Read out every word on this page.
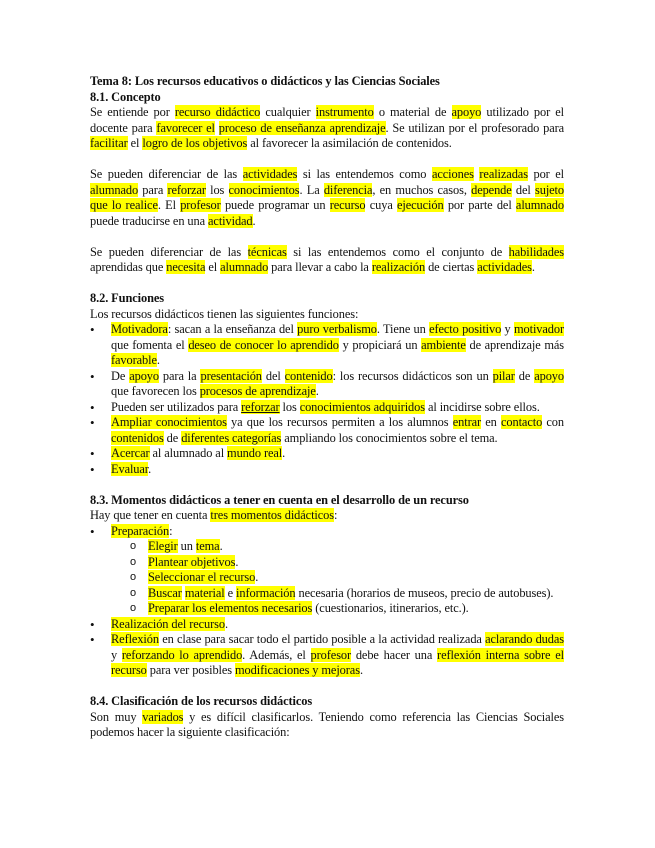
Tema 8: Los recursos educativos o didácticos y las Ciencias Sociales

8.1. Concepto

Se entiende por recurso didáctico cualquier instrumento o material de apoyo utilizado por el docente para favorecer el proceso de enseñanza aprendizaje. Se utilizan por el profesorado para facilitar el logro de los objetivos al favorecer la asimilación de contenidos.

Se pueden diferenciar de las actividades si las entendemos como acciones realizadas por el alumnado para reforzar los conocimientos. La diferencia, en muchos casos, depende del sujeto que lo realice. El profesor puede programar un recurso cuya ejecución por parte del alumnado puede traducirse en una actividad.

Se pueden diferenciar de las técnicas si las entendemos como el conjunto de habilidades aprendidas que necesita el alumnado para llevar a cabo la realización de ciertas actividades.

8.2. Funciones

Los recursos didácticos tienen las siguientes funciones:

• Motivadora: sacan a la enseñanza del puro verbalismo. Tiene un efecto positivo y motivador que fomenta el deseo de conocer lo aprendido y propiciará un ambiente de aprendizaje más favorable.
• De apoyo para la presentación del contenido: los recursos didácticos son un pilar de apoyo que favorecen los procesos de aprendizaje.
• Pueden ser utilizados para reforzar los conocimientos adquiridos al incidirse sobre ellos.
• Ampliar conocimientos ya que los recursos permiten a los alumnos entrar en contacto con contenidos de diferentes categorías ampliando los conocimientos sobre el tema.
• Acercar al alumnado al mundo real.
• Evaluar.

8.3. Momentos didácticos a tener en cuenta en el desarrollo de un recurso

Hay que tener en cuenta tres momentos didácticos:

• Preparación:
o Elegir un tema.
o Plantear objetivos.
o Seleccionar el recurso.
o Buscar material e información necesaria (horarios de museos, precio de autobuses).
o Preparar los elementos necesarios (cuestionarios, itinerarios, etc.).
• Realización del recurso.
• Reflexión en clase para sacar todo el partido posible a la actividad realizada aclarando dudas y reforzando lo aprendido. Además, el profesor debe hacer una reflexión interna sobre el recurso para ver posibles modificaciones y mejoras.

8.4. Clasificación de los recursos didácticos

Son muy variados y es difícil clasificarlos. Teniendo como referencia las Ciencias Sociales podemos hacer la siguiente clasificación:
